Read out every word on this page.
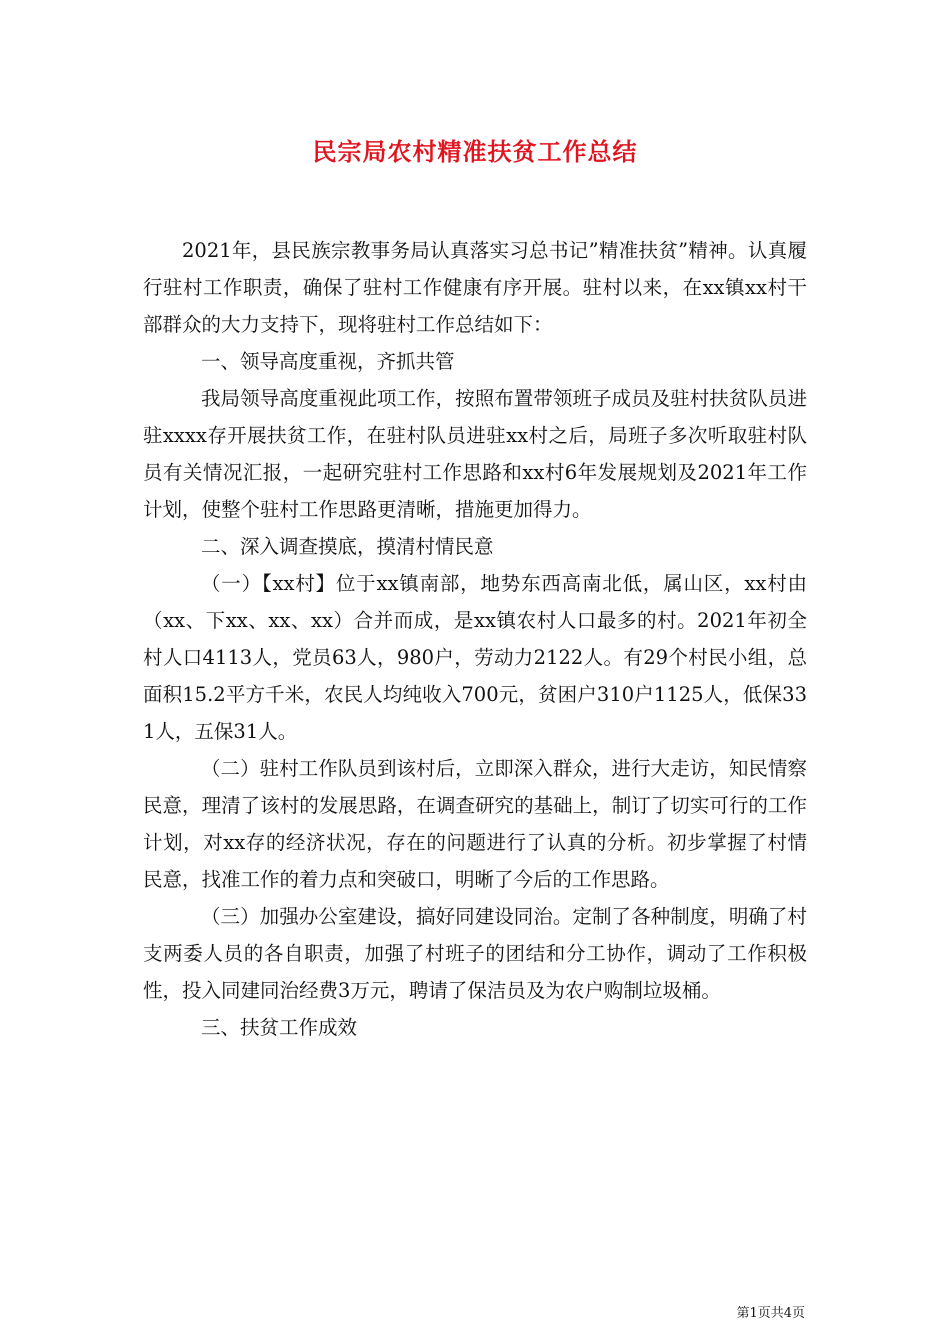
民宗局农村精准扶贫工作总结

2021年，县民族宗教事务局认真落实习总书记”精准扶贫”精神。认真履行驻村工作职责，确保了驻村工作健康有序开展。驻村以来，在xx镇xx村干部群众的大力支持下，现将驻村工作总结如下：

一、领导高度重视，齐抓共管

我局领导高度重视此项工作，按照布置带领班子成员及驻村扶贫队员进驻xxxx存开展扶贫工作，在驻村队员进驻xx村之后，局班子多次听取驻村队员有关情况汇报，一起研究驻村工作思路和xx村6年发展规划及2021年工作计划，使整个驻村工作思路更清晰，措施更加得力。

二、深入调查摸底，摸清村情民意

（一）【xx村】位于xx镇南部，地势东西高南北低，属山区，xx村由（xx、下xx、xx、xx）合并而成，是xx镇农村人口最多的村。2021年初全村人口4113人，党员63人，980户，劳动力2122人。有29个村民小组，总面积15.2平方千米，农民人均纯收入700元，贫困户310户1125人，低保331人，五保31人。

（二）驻村工作队员到该村后，立即深入群众，进行大走访，知民情察民意，理清了该村的发展思路，在调查研究的基础上，制订了切实可行的工作计划，对xx存的经济状况，存在的问题进行了认真的分析。初步掌握了村情民意，找准工作的着力点和突破口，明晰了今后的工作思路。

（三）加强办公室建设，搞好同建设同治。定制了各种制度，明确了村支两委人员的各自职责，加强了村班子的团结和分工协作，调动了工作积极性，投入同建同治经费3万元，聘请了保洁员及为农户购制垃圾桶。

三、扶贫工作成效

第1页共4页
